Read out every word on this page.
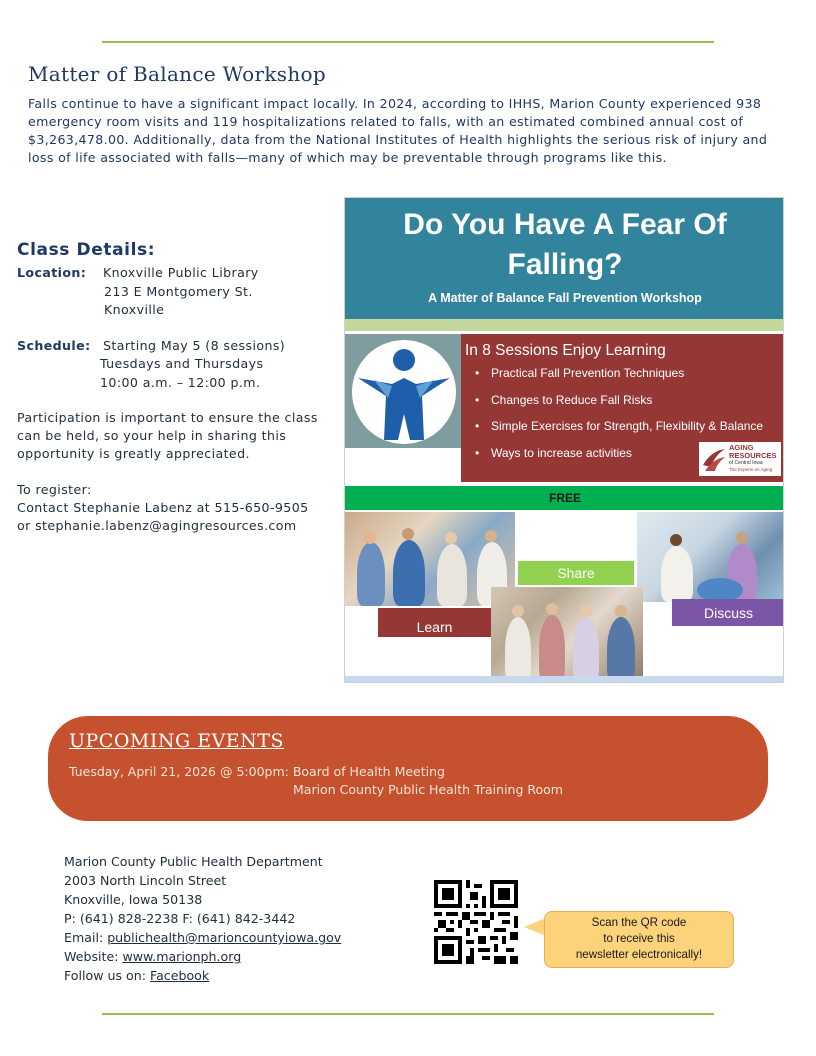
Matter of Balance Workshop
Falls continue to have a significant impact locally. In 2024, according to IHHS, Marion County experienced 938 emergency room visits and 119 hospitalizations related to falls, with an estimated combined annual cost of $3,263,478.00. Additionally, data from the National Institutes of Health highlights the serious risk of injury and loss of life associated with falls—many of which may be preventable through programs like this.
Class Details:
Location: Knoxville Public Library
213 E Montgomery St.
Knoxville
Schedule: Starting May 5 (8 sessions)
Tuesdays and Thursdays
10:00 a.m. – 12:00 p.m.
Participation is important to ensure the class can be held, so your help in sharing this opportunity is greatly appreciated.
To register:
Contact Stephanie Labenz at 515-650-9505
or stephanie.labenz@agingresources.com
Do You Have A Fear Of
Falling?
A Matter of Balance Fall Prevention Workshop
In 8 Sessions Enjoy Learning
• Practical Fall Prevention Techniques
• Changes to Reduce Fall Risks
• Simple Exercises for Strength, Flexibility & Balance
• Ways to increase activities	AGING
RESOURCES
of Central Iowa
The Experts on Aging
FREE
Share
Learn
Discuss
UPCOMING EVENTS
Tuesday, April 21, 2026 @ 5:00pm: Board of Health Meeting
Marion County Public Health Training Room
Marion County Public Health Department
2003 North Lincoln Street
Knoxville, Iowa 50138
P: (641) 828-2238 F: (641) 842-3442
Email: publichealth@marioncountyiowa.gov
Website: www.marionph.org
Follow us on: Facebook
Scan the QR code
to receive this
newsletter electronically!
